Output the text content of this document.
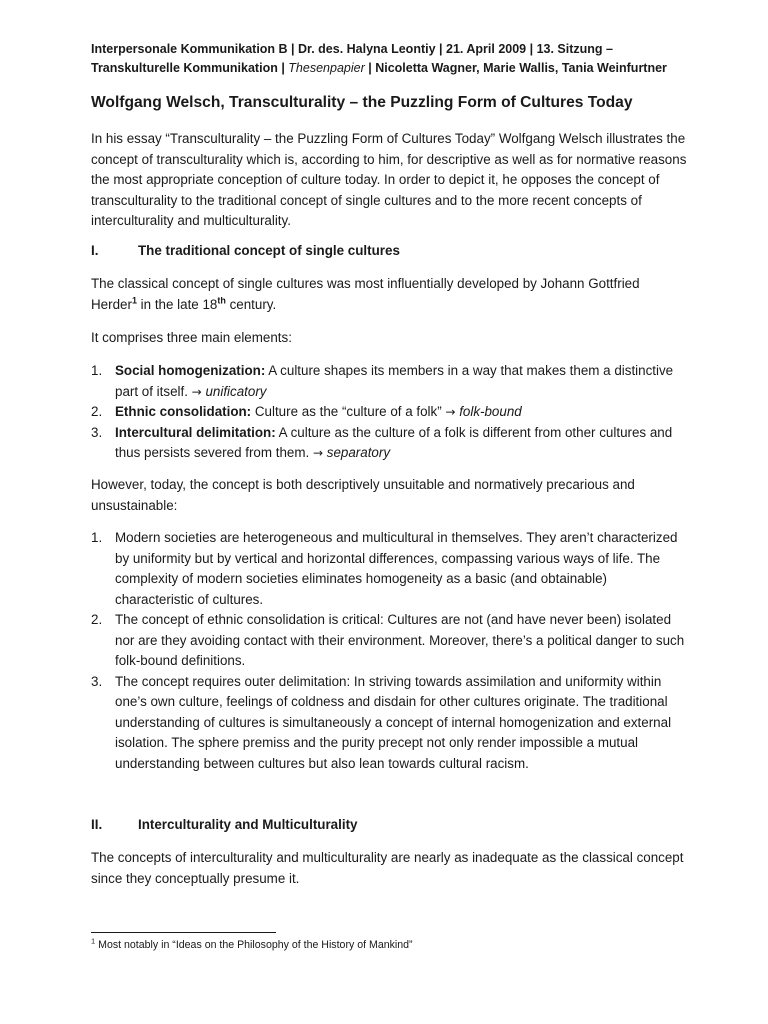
Interpersonale Kommunikation B | Dr. des. Halyna Leontiy | 21. April 2009 | 13. Sitzung –
Transkulturelle Kommunikation | Thesenpapier | Nicoletta Wagner, Marie Wallis, Tania Weinfurtner
Wolfgang Welsch, Transculturality – the Puzzling Form of Cultures Today

In his essay “Transculturality – the Puzzling Form of Cultures Today” Wolfgang Welsch illustrates the concept of transculturality which is, according to him, for descriptive as well as for normative reasons the most appropriate conception of culture today. In order to depict it, he opposes the concept of transculturality to the traditional concept of single cultures and to the more recent concepts of interculturality and multiculturality.

I.	The traditional concept of single cultures

The classical concept of single cultures was most influentially developed by Johann Gottfried Herder$^1$ in the late 18th century.

It comprises three main elements:

1. Social homogenization: A culture shapes its members in a way that makes them a distinctive part of itself. → unificatory
2. Ethnic consolidation: Culture as the “culture of a folk” → folk-bound
3. Intercultural delimitation: A culture as the culture of a folk is different from other cultures and thus persists severed from them. → separatory

However, today, the concept is both descriptively unsuitable and normatively precarious and unsustainable:

1. Modern societies are heterogeneous and multicultural in themselves. They aren’t characterized by uniformity but by vertical and horizontal differences, compassing various ways of life. The complexity of modern societies eliminates homogeneity as a basic (and obtainable) characteristic of cultures.
2. The concept of ethnic consolidation is critical: Cultures are not (and have never been) isolated nor are they avoiding contact with their environment. Moreover, there’s a political danger to such folk-bound definitions.
3. The concept requires outer delimitation: In striving towards assimilation and uniformity within one’s own culture, feelings of coldness and disdain for other cultures originate. The traditional understanding of cultures is simultaneously a concept of internal homogenization and external isolation. The sphere premiss and the purity precept not only render impossible a mutual understanding between cultures but also lean towards cultural racism.
II.	Interculturality and Multiculturality

The concepts of interculturality and multiculturality are nearly as inadequate as the classical concept since they conceptually presume it.

$^1$ Most notably in “Ideas on the Philosophy of the History of Mankind”
